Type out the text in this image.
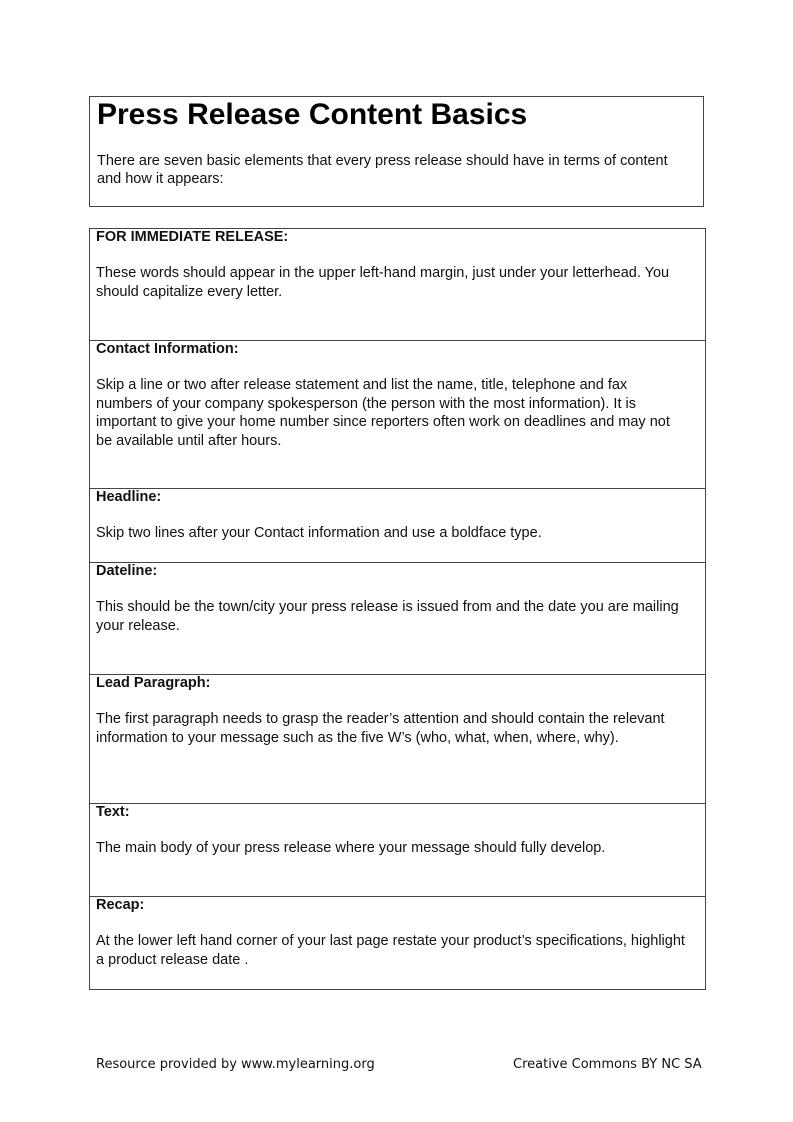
Press Release Content Basics

There are seven basic elements that every press release should have in terms of content and how it appears:

FOR IMMEDIATE RELEASE:
These words should appear in the upper left-hand margin, just under your letterhead. You should capitalize every letter.

Contact Information:
Skip a line or two after release statement and list the name, title, telephone and fax numbers of your company spokesperson (the person with the most information). It is important to give your home number since reporters often work on deadlines and may not be available until after hours.

Headline:
Skip two lines after your Contact information and use a boldface type.

Dateline:
This should be the town/city your press release is issued from and the date you are mailing your release.

Lead Paragraph:
The first paragraph needs to grasp the reader’s attention and should contain the relevant information to your message such as the five W’s (who, what, when, where, why).

Text:
The main body of your press release where your message should fully develop.

Recap:
At the lower left hand corner of your last page restate your product’s specifications, highlight a product release date .
Resource provided by www.mylearning.org	Creative Commons BY NC SA
